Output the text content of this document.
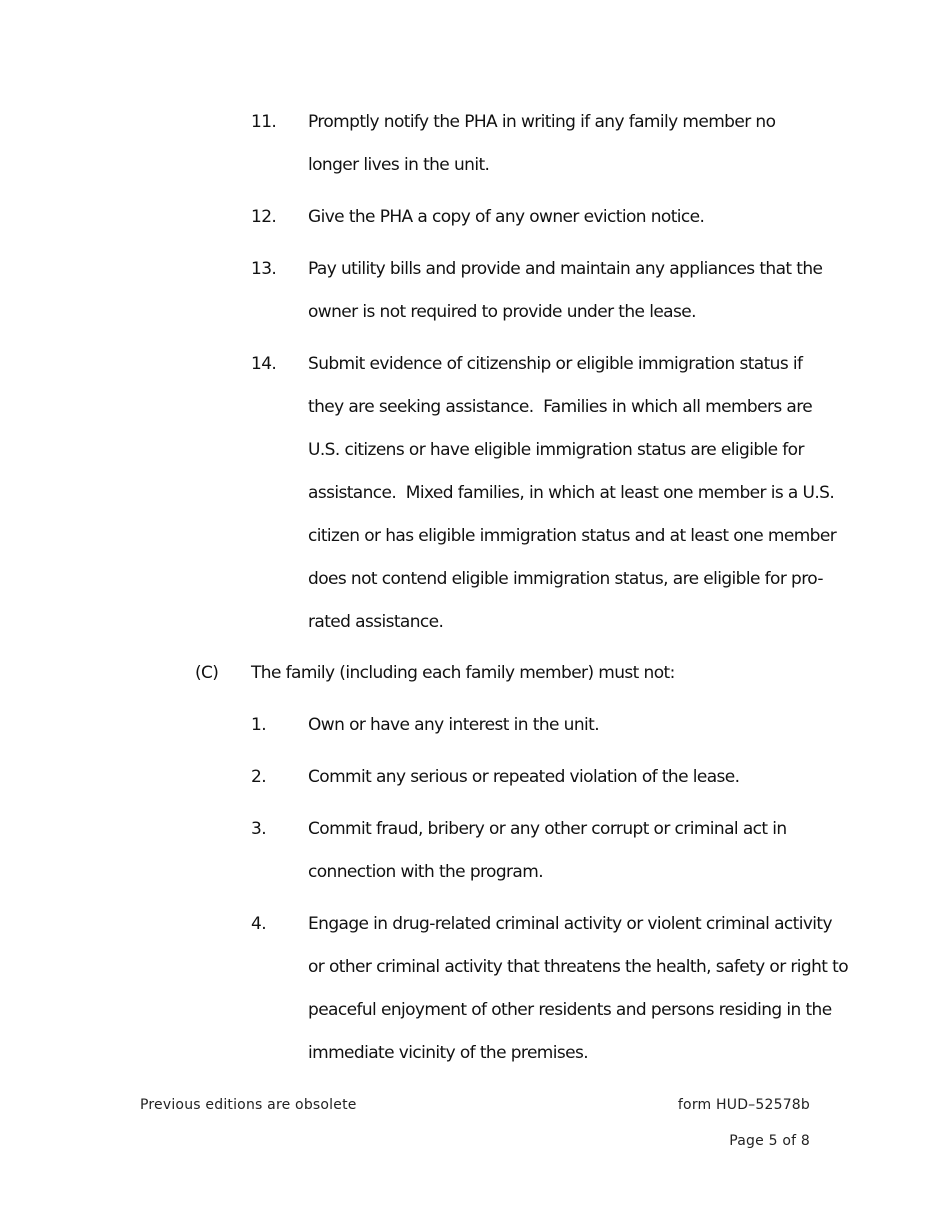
11. Promptly notify the PHA in writing if any family member no
longer lives in the unit.
12. Give the PHA a copy of any owner eviction notice.
13. Pay utility bills and provide and maintain any appliances that the
owner is not required to provide under the lease.
14. Submit evidence of citizenship or eligible immigration status if
they are seeking assistance.  Families in which all members are
U.S. citizens or have eligible immigration status are eligible for
assistance.  Mixed families, in which at least one member is a U.S.
citizen or has eligible immigration status and at least one member
does not contend eligible immigration status, are eligible for pro-
rated assistance.
(C) The family (including each family member) must not:
1. Own or have any interest in the unit.
2. Commit any serious or repeated violation of the lease.
3. Commit fraud, bribery or any other corrupt or criminal act in
connection with the program.
4. Engage in drug-related criminal activity or violent criminal activity
or other criminal activity that threatens the health, safety or right to
peaceful enjoyment of other residents and persons residing in the
immediate vicinity of the premises.
Previous editions are obsolete	form HUD–52578b
Page 5 of 8
